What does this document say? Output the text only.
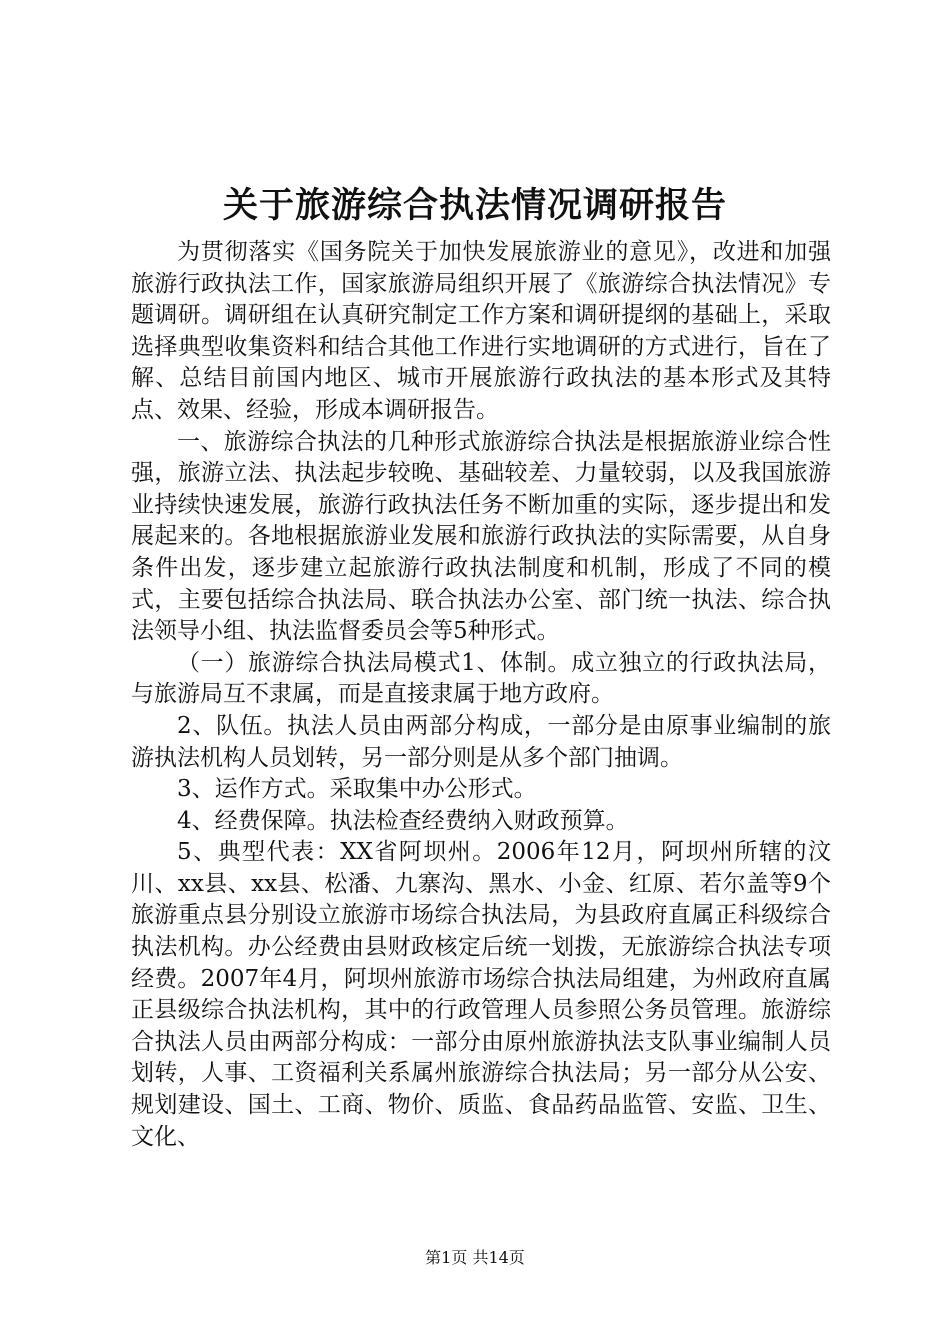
关于旅游综合执法情况调研报告

为贯彻落实《国务院关于加快发展旅游业的意见》，改进和加强旅游行政执法工作，国家旅游局组织开展了《旅游综合执法情况》专题调研。调研组在认真研究制定工作方案和调研提纲的基础上，采取选择典型收集资料和结合其他工作进行实地调研的方式进行，旨在了解、总结目前国内地区、城市开展旅游行政执法的基本形式及其特点、效果、经验，形成本调研报告。

一、旅游综合执法的几种形式旅游综合执法是根据旅游业综合性强，旅游立法、执法起步较晚、基础较差、力量较弱，以及我国旅游业持续快速发展，旅游行政执法任务不断加重的实际，逐步提出和发展起来的。各地根据旅游业发展和旅游行政执法的实际需要，从自身条件出发，逐步建立起旅游行政执法制度和机制，形成了不同的模式，主要包括综合执法局、联合执法办公室、部门统一执法、综合执法领导小组、执法监督委员会等5种形式。

（一）旅游综合执法局模式1、体制。成立独立的行政执法局，与旅游局互不隶属，而是直接隶属于地方政府。

2、队伍。执法人员由两部分构成，一部分是由原事业编制的旅游执法机构人员划转，另一部分则是从多个部门抽调。

3、运作方式。采取集中办公形式。

4、经费保障。执法检查经费纳入财政预算。

5、典型代表：XX省阿坝州。2006年12月，阿坝州所辖的汶川、xx县、xx县、松潘、九寨沟、黑水、小金、红原、若尔盖等9个旅游重点县分别设立旅游市场综合执法局，为县政府直属正科级综合执法机构。办公经费由县财政核定后统一划拨，无旅游综合执法专项经费。2007年4月，阿坝州旅游市场综合执法局组建，为州政府直属正县级综合执法机构，其中的行政管理人员参照公务员管理。旅游综合执法人员由两部分构成：一部分由原州旅游执法支队事业编制人员划转，人事、工资福利关系属州旅游综合执法局；另一部分从公安、规划建设、国土、工商、物价、质监、食品药品监管、安监、卫生、文化、

第1页 共14页
